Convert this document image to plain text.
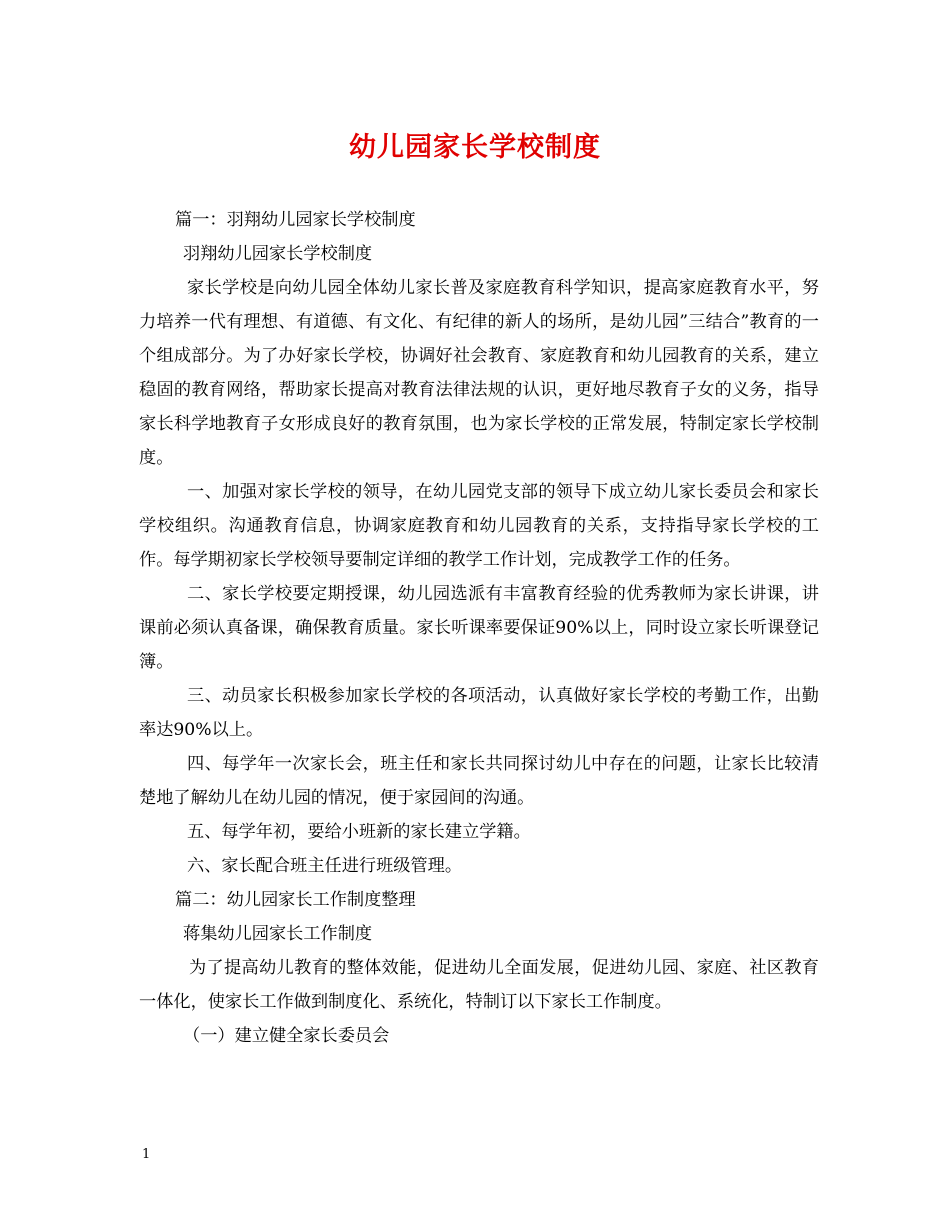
幼儿园家长学校制度

篇一：羽翔幼儿园家长学校制度

羽翔幼儿园家长学校制度

家长学校是向幼儿园全体幼儿家长普及家庭教育科学知识，提高家庭教育水平，努力培养一代有理想、有道德、有文化、有纪律的新人的场所，是幼儿园”三结合”教育的一个组成部分。为了办好家长学校，协调好社会教育、家庭教育和幼儿园教育的关系，建立稳固的教育网络，帮助家长提高对教育法律法规的认识，更好地尽教育子女的义务，指导家长科学地教育子女形成良好的教育氛围，也为家长学校的正常发展，特制定家长学校制度。

一、加强对家长学校的领导，在幼儿园党支部的领导下成立幼儿家长委员会和家长学校组织。沟通教育信息，协调家庭教育和幼儿园教育的关系，支持指导家长学校的工作。每学期初家长学校领导要制定详细的教学工作计划，完成教学工作的任务。

二、家长学校要定期授课，幼儿园选派有丰富教育经验的优秀教师为家长讲课，讲课前必须认真备课，确保教育质量。家长听课率要保证90%以上，同时设立家长听课登记簿。

三、动员家长积极参加家长学校的各项活动，认真做好家长学校的考勤工作，出勤率达90%以上。

四、每学年一次家长会，班主任和家长共同探讨幼儿中存在的问题，让家长比较清楚地了解幼儿在幼儿园的情况，便于家园间的沟通。

五、每学年初，要给小班新的家长建立学籍。

六、家长配合班主任进行班级管理。

篇二：幼儿园家长工作制度整理

蒋集幼儿园家长工作制度

为了提高幼儿教育的整体效能，促进幼儿全面发展，促进幼儿园、家庭、社区教育一体化，使家长工作做到制度化、系统化，特制订以下家长工作制度。

（一）建立健全家长委员会

1
